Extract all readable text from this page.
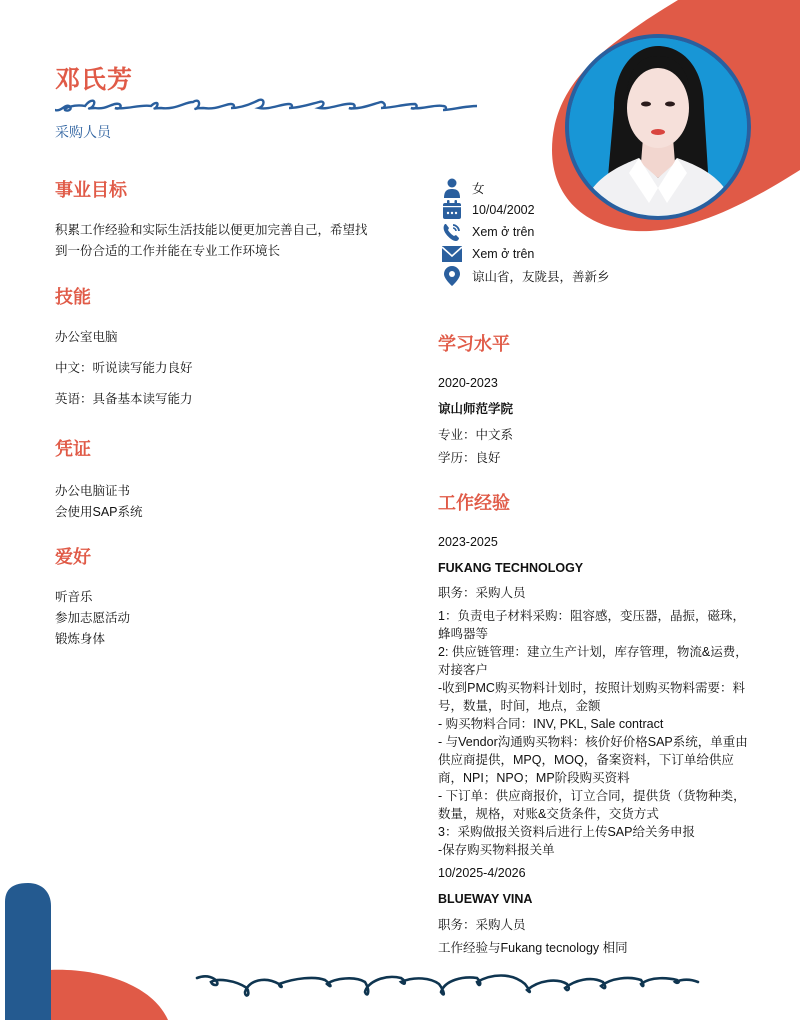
邓氏芳
采购人员
事业目标
积累工作经验和实际生活技能以便更加完善自己，希望找
到一份合适的工作并能在专业工作环境长
技能
办公室电脑
中文：听说读写能力良好
英语：具备基本读写能力
凭证
办公电脑证书
会使用SAP系统
爱好
听音乐
参加志愿活动
锻炼身体
女
10/04/2002
Xem ở trên
Xem ở trên
谅山省，友陇县，善新乡
学习水平
2020-2023
谅山师范学院
专业：中文系
学历：良好
工作经验
2023-2025
FUKANG TECHNOLOGY
职务：采购人员
1：负责电子材料采购：阻容感，变压器，晶振，磁珠，
蜂鸣器等
2: 供应链管理：建立生产计划，库存管理，物流&运费，
对接客户
-收到PMC购买物料计划时，按照计划购买物料需要：料
号，数量，时间，地点，金额
- 购买物料合同：INV, PKL, Sale contract
- 与Vendor沟通购买物料：核价好价格SAP系统，单重由
供应商提供，MPQ，MOQ，备案资料，下订单给供应
商，NPI；NPO；MP阶段购买资料
- 下订单：供应商报价，订立合同，提供货（货物种类，
数量，规格，对账&交货条件，交货方式
3：采购做报关资料后进行上传SAP给关务申报
-保存购买物料报关单
10/2025-4/2026
BLUEWAY VINA
职务：采购人员
工作经验与Fukang tecnology 相同
